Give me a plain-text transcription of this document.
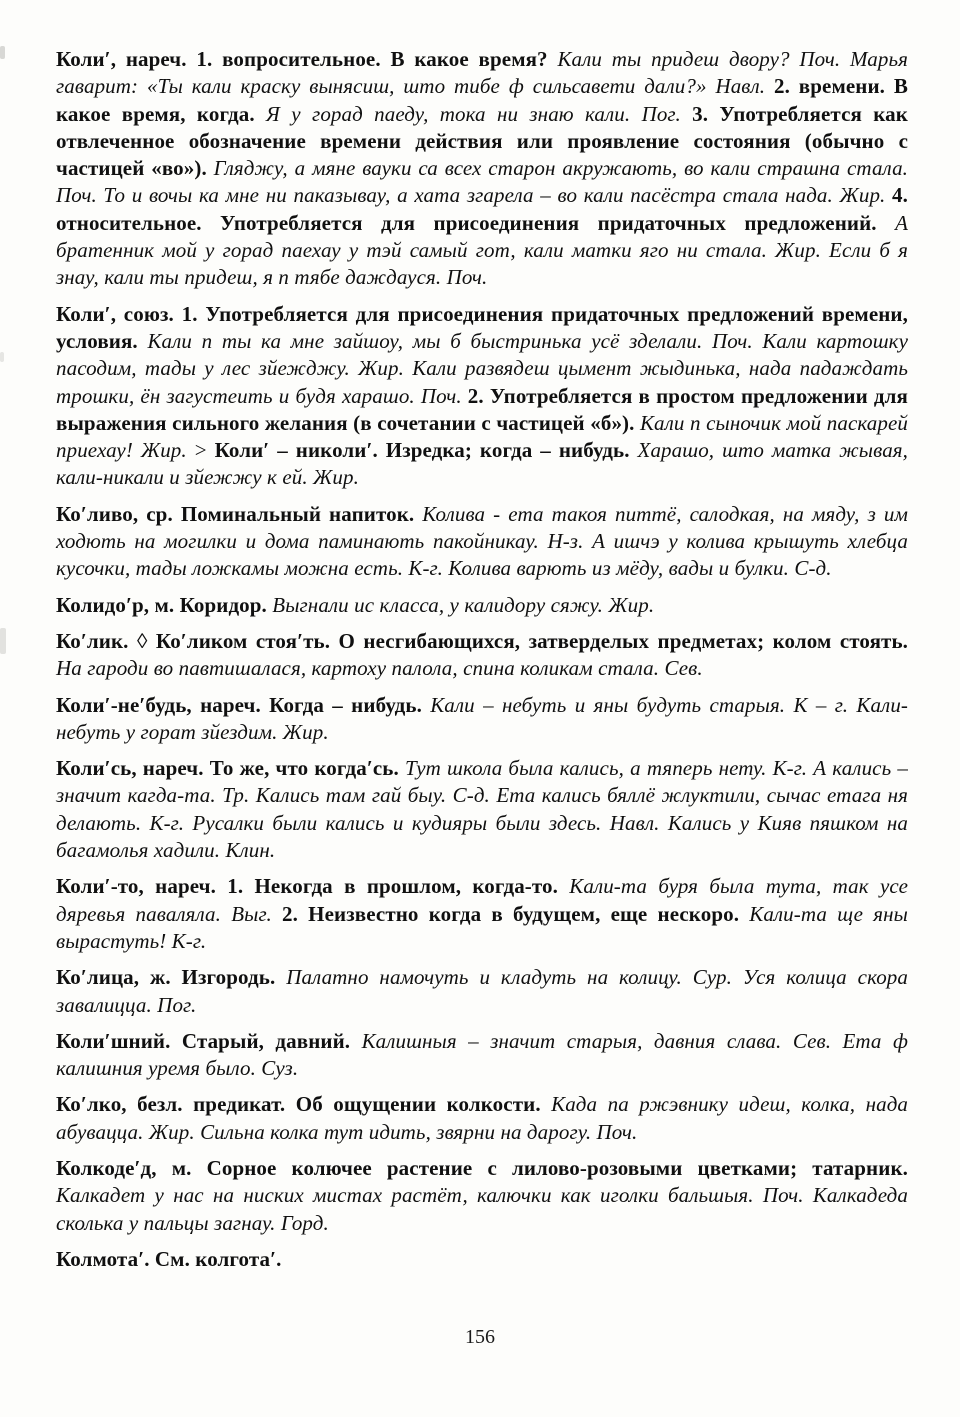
Коли′, нареч. 1. вопросительное. В какое время? Кали ты придеш двору? Поч. Марья гаварит: «Ты кали краску вынясиш, што тибе ф сильсавети дали?» Навл. 2. времени. В какое время, когда. Я у горад паеду, тока ни знаю кали. Пог. 3. Употребляется как отвлеченное обозначение времени действия или проявление состояния (обычно с частицей «во»). Гляджу, а мяне вауки са всех старон акружають, во кали страшна стала. Поч. То и вочы ка мне ни паказывау, а хата згарела – во кали пасёстра стала нада. Жир. 4. относительное. Употребляется для присоединения придаточных предложений. А братенник мой у горад паехау у тэй самый гот, кали матки яго ни стала. Жир. Если б я знау, кали ты придеш, я п тябе даждауся. Поч.

Коли′, союз. 1. Употребляется для присоединения придаточных предложений времени, условия. Кали п ты ка мне зайшоу, мы б быстринька усё зделали. Поч. Кали картошку пасодим, тады у лес зйежджу. Жир. Кали развядеш цымент жыдинька, нада падаждать трошки, ён загустеить и будя харашо. Поч. 2. Употребляется в простом предложении для выражения сильного желания (в сочетании с частицей «б»). Кали п сыночик мой паскарей приехау! Жир. > Коли′ – николи′. Изредка; когда – нибудь. Харашо, што матка жывая, кали-никали и зйежжу к ей. Жир.

Ко′ливо, ср. Поминальный напиток. Колива - ета такоя питтё, салодкая, на мяду, з им ходють на могилки и дома паминають пакойникау. Н-з. А ишчэ у колива крышуть хлебца кусочки, тады ложкамы можна есть. К-г. Колива варють из мёду, вады и булки. С-д.

Колидо′р, м. Коридор. Выгнали ис класса, у калидору сяжу. Жир.

Ко′лик. ◊ Ко′ликом стоя′ть. О несгибающихся, затверделых предметах; колом стоять. На гароди во павтишалася, картоху палола, спина коликам стала. Сев.

Коли′-не′будь, нареч. Когда – нибудь. Кали – небуть и яны будуть старыя. К – г. Кали-небуть у горат зйездим. Жир.

Коли′сь, нареч. То же, что когда′сь. Тут школа была кались, а тяперь нету. К-г. А кались – значит кагда-та. Тр. Кались там гай быу. С-д. Ета кались бяллё жлуктили, сычас етага ня делають. К-г. Русалки были кались и кудияры были здесь. Навл. Кались у Кияв пяшком на багамолья хадили. Клин.

Коли′-то, нареч. 1. Некогда в прошлом, когда-то. Кали-та буря была тута, так усе дяревья паваляла. Выг. 2. Неизвестно когда в будущем, еще нескоро. Кали-та ще яны вырастуть! К-г.

Ко′лица, ж. Изгородь. Палатно намочуть и кладуть на колицу. Сур. Уся колица скора завалицца. Пог.

Коли′шний. Старый, давний. Калишныя – значит старыя, давния слава. Сев. Ета ф калишния уремя было. Суз.

Ко′лко, безл. предикат. Об ощущении колкости. Када па ржэвнику идеш, колка, нада абувацца. Жир. Сильна колка тут идить, звярни на дарогу. Поч.

Колкоде′д, м. Сорное колючее растение с лилово-розовыми цветками; татарник. Калкадет у нас на ниских мистах растёт, калючки как иголки бальшыя. Поч. Калкадеда сколька у пальцы загнау. Горд.

Колмота′. См. колгота′.

156
